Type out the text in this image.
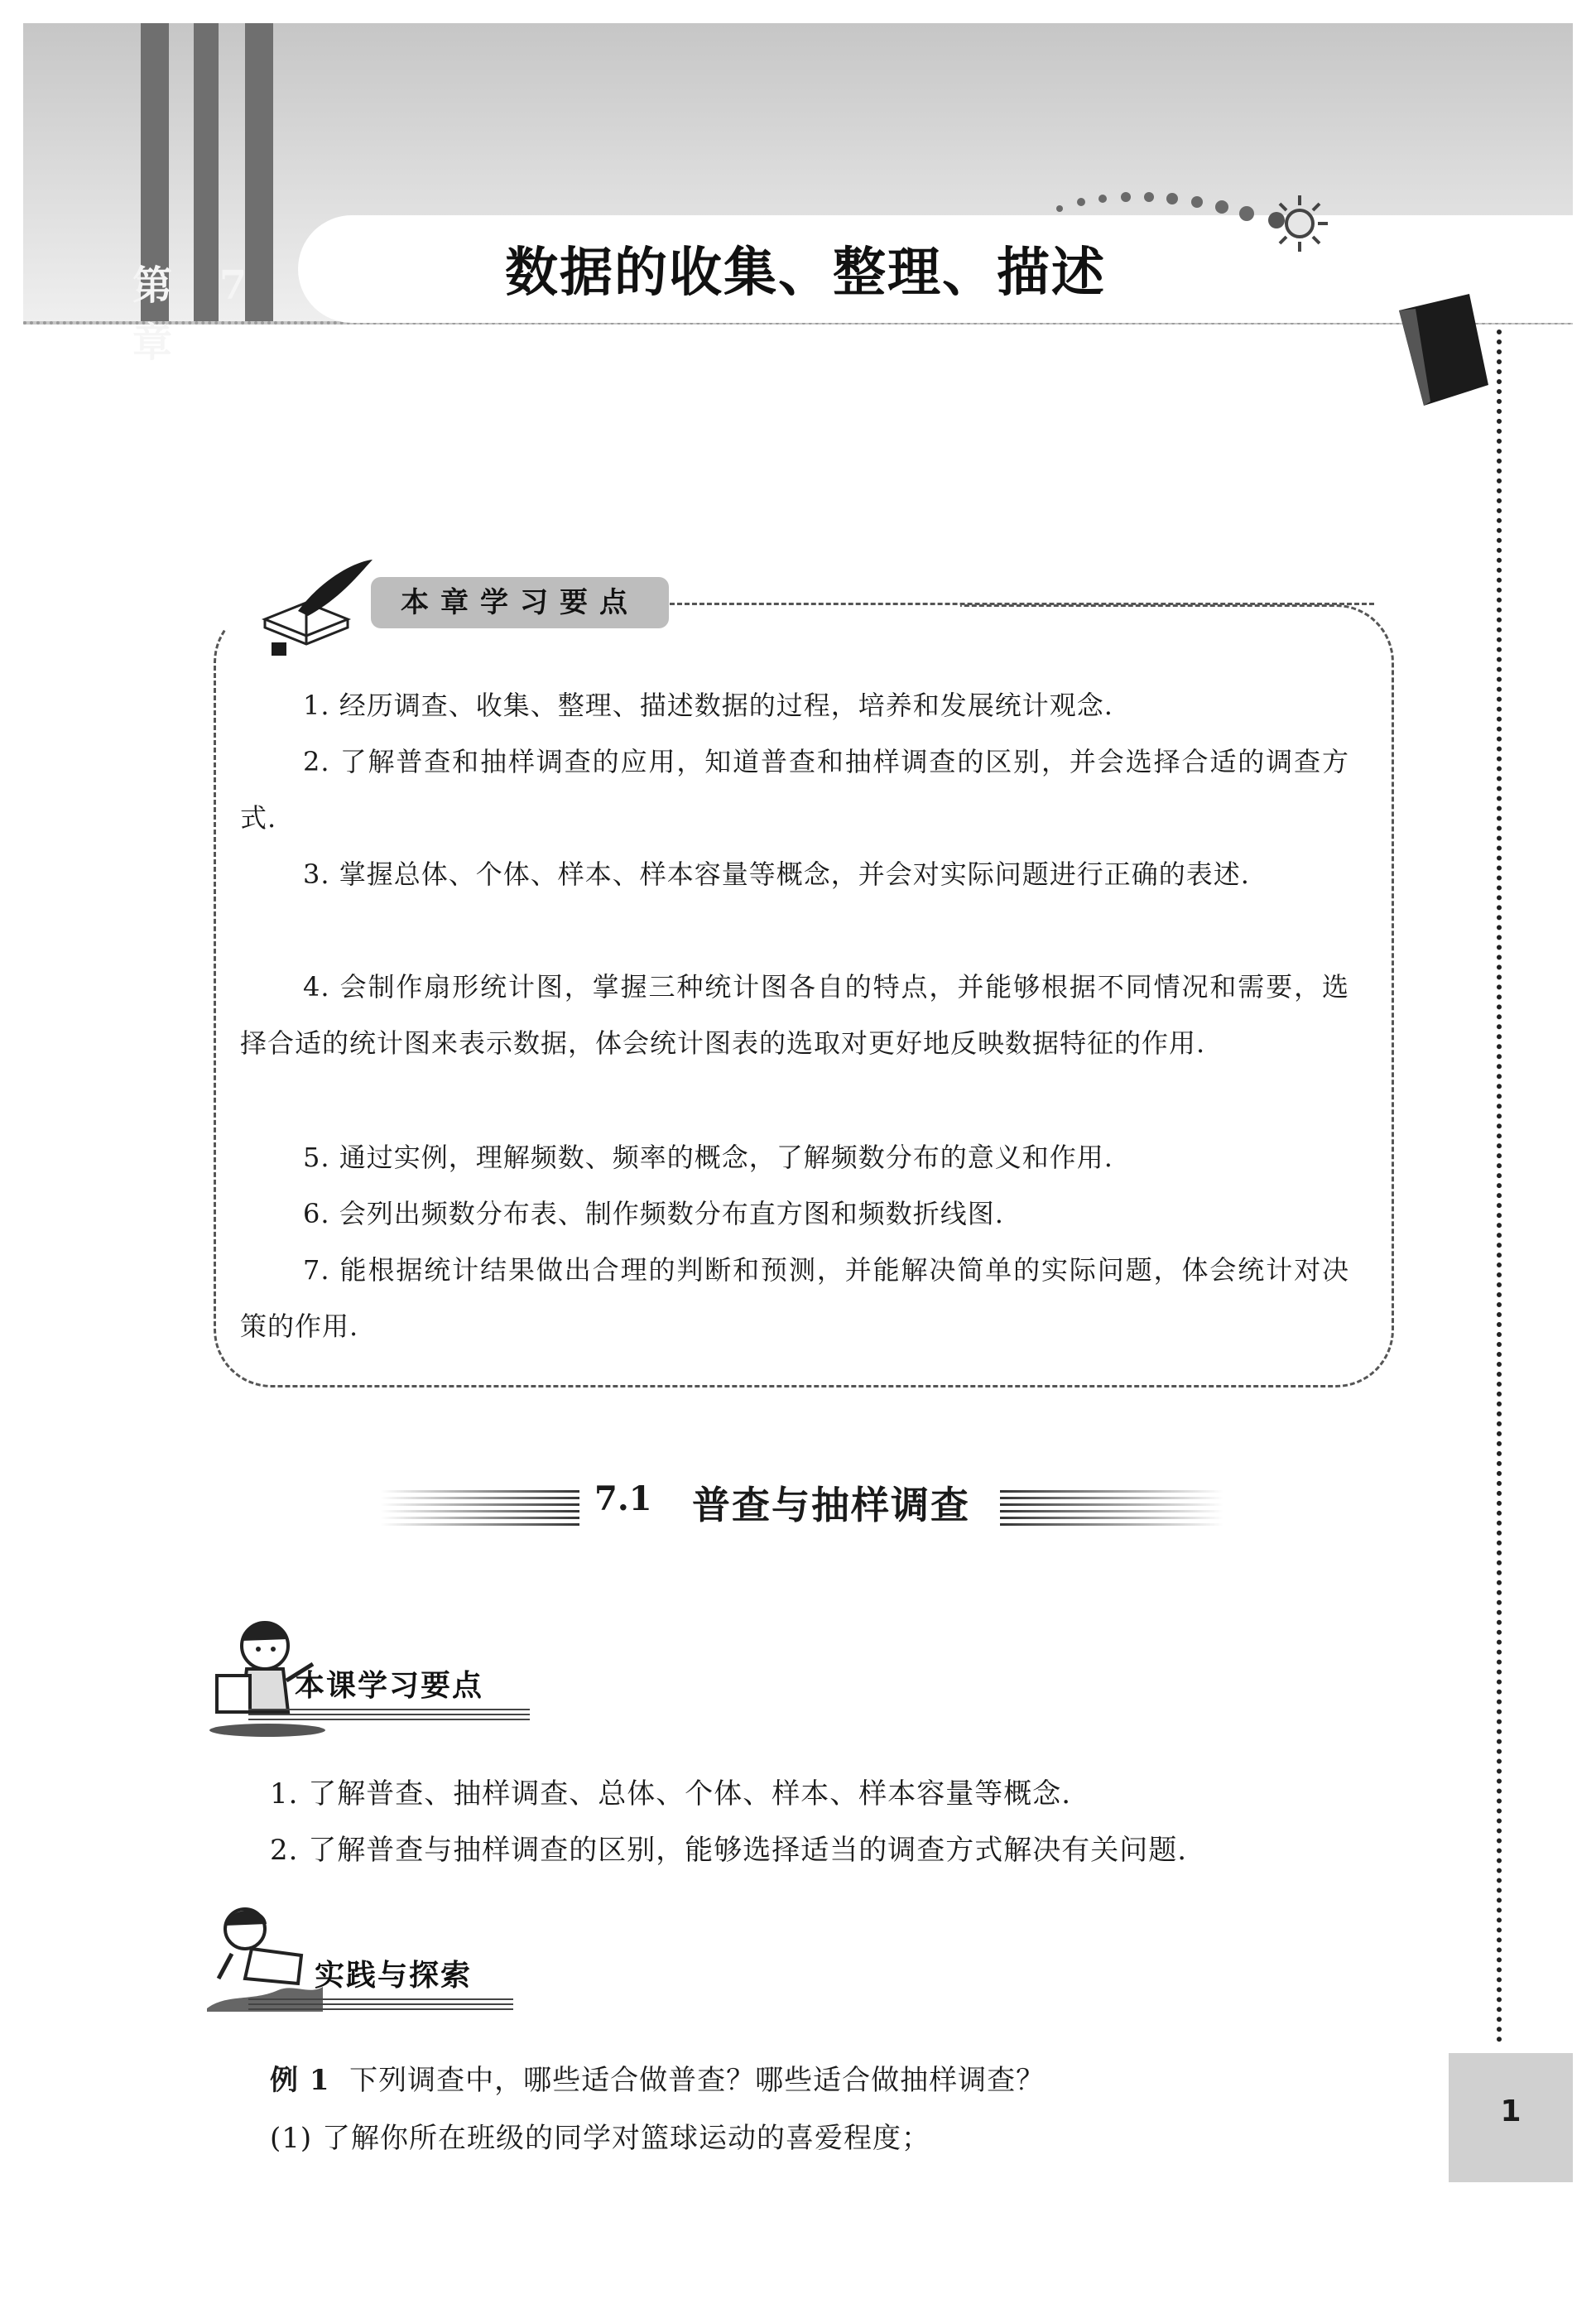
第 7 章
数据的收集、整理、描述
本章学习要点

1. 经历调查、收集、整理、描述数据的过程，培养和发展统计观念.

2. 了解普查和抽样调查的应用，知道普查和抽样调查的区别，并会选择合适的调查方式.

3. 掌握总体、个体、样本、样本容量等概念，并会对实际问题进行正确的表述.

4. 会制作扇形统计图，掌握三种统计图各自的特点，并能够根据不同情况和需要，选择合适的统计图来表示数据，体会统计图表的选取对更好地反映数据特征的作用.

5. 通过实例，理解频数、频率的概念，了解频数分布的意义和作用.

6. 会列出频数分布表、制作频数分布直方图和频数折线图.

7. 能根据统计结果做出合理的判断和预测，并能解决简单的实际问题，体会统计对决策的作用.

7.1	普查与抽样调查
本课学习要点

1. 了解普查、抽样调查、总体、个体、样本、样本容量等概念.

2. 了解普查与抽样调查的区别，能够选择适当的调查方式解决有关问题.

实践与探索

例 1 下列调查中，哪些适合做普查？哪些适合做抽样调查？

(1) 了解你所在班级的同学对篮球运动的喜爱程度；

1
